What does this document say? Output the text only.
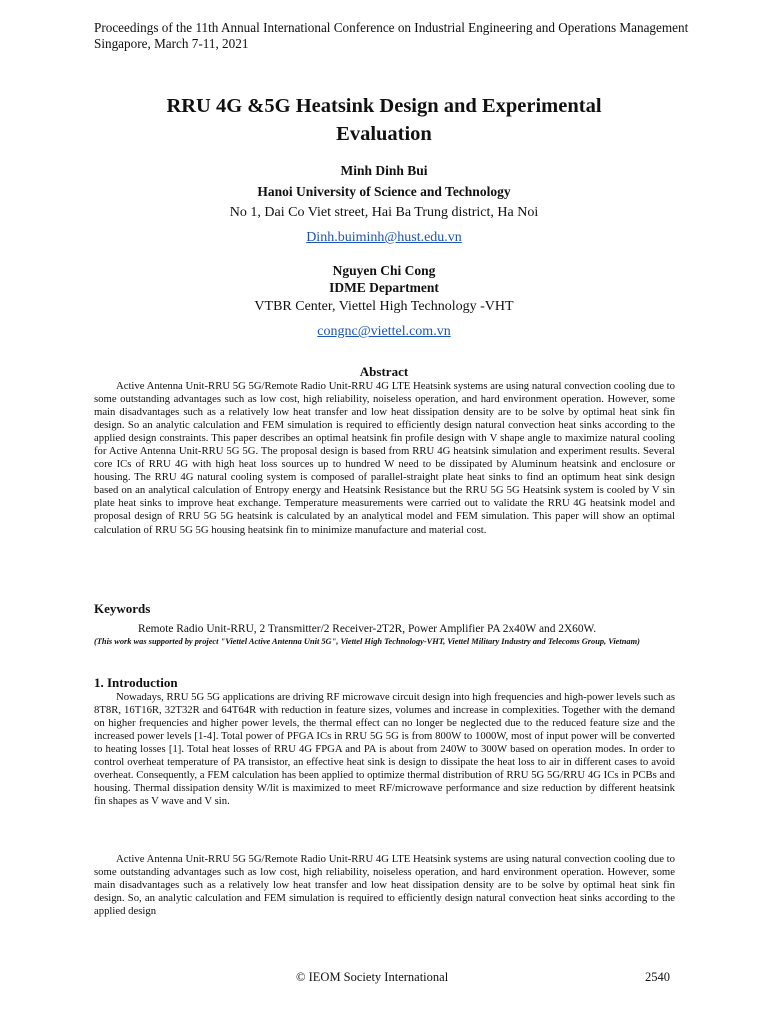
Proceedings of the 11th Annual International Conference on Industrial Engineering and Operations Management
Singapore, March 7-11, 2021
RRU 4G &5G Heatsink Design and Experimental
Evaluation
Minh Dinh Bui
Hanoi University of Science and Technology
No 1, Dai Co Viet street, Hai Ba Trung district, Ha Noi
Dinh.buiminh@hust.edu.vn
Nguyen Chi Cong
IDME Department
VTBR Center, Viettel High Technology -VHT
congnc@viettel.com.vn
Abstract
Active Antenna Unit-RRU 5G 5G/Remote Radio Unit-RRU 4G LTE Heatsink systems are using natural convection cooling due to some outstanding advantages such as low cost, high reliability, noiseless operation, and hard environment operation. However, some main disadvantages such as a relatively low heat transfer and low heat dissipation density are to be solve by optimal heat sink fin design. So an analytic calculation and FEM simulation is required to efficiently design natural convection heat sinks according to the applied design constraints. This paper describes an optimal heatsink fin profile design with V shape angle to maximize natural cooling for Active Antenna Unit-RRU 5G 5G. The proposal design is based from RRU 4G heatsink simulation and experiment results. Several core ICs of RRU 4G with high heat loss sources up to hundred W need to be dissipated by Aluminum heatsink and enclosure or housing. The RRU 4G natural cooling system is composed of parallel-straight plate heat sinks to find an optimum heat sink design based on an analytical calculation of Entropy energy and Heatsink Resistance but the RRU 5G 5G Heatsink system is cooled by V sin plate heat sinks to improve heat exchange. Temperature measurements were carried out to validate the RRU 4G heatsink model and proposal design of RRU 5G 5G heatsink is calculated by an analytical model and FEM simulation. This paper will show an optimal calculation of RRU 5G 5G housing heatsink fin to minimize manufacture and material cost.
Keywords
Remote Radio Unit-RRU, 2 Transmitter/2 Receiver-2T2R, Power Amplifier PA 2x40W and 2X60W.
(This work was supported by project "Viettel Active Antenna Unit 5G", Viettel High Technology-VHT, Viettel Military Industry and Telecoms Group, Vietnam)
1. Introduction
Nowadays, RRU 5G 5G applications are driving RF microwave circuit design into high frequencies and high-power levels such as 8T8R, 16T16R, 32T32R and 64T64R with reduction in feature sizes, volumes and increase in complexities. Together with the demand on higher frequencies and higher power levels, the thermal effect can no longer be neglected due to the reduced feature size and the increased power levels [1-4]. Total power of PFGA ICs in RRU 5G 5G is from 800W to 1000W, most of input power will be converted to heating losses [1]. Total heat losses of RRU 4G FPGA and PA is about from 240W to 300W based on operation modes. In order to control overheat temperature of PA transistor, an effective heat sink is design to dissipate the heat loss to air in different cases to avoid overheat. Consequently, a FEM calculation has been applied to optimize thermal distribution of RRU 5G 5G/RRU 4G ICs in PCBs and housing. Thermal dissipation density W/lit is maximized to meet RF/microwave performance and size reduction by different heatsink fin shapes as V wave and V sin.
Active Antenna Unit-RRU 5G 5G/Remote Radio Unit-RRU 4G LTE Heatsink systems are using natural convection cooling due to some outstanding advantages such as low cost, high reliability, noiseless operation, and hard environment operation. However, some main disadvantages such as a relatively low heat transfer and low heat dissipation density are to be solve by optimal heat sink fin design. So, an analytic calculation and FEM simulation is required to efficiently design natural convection heat sinks according to the applied design
© IEOM Society International	2540
